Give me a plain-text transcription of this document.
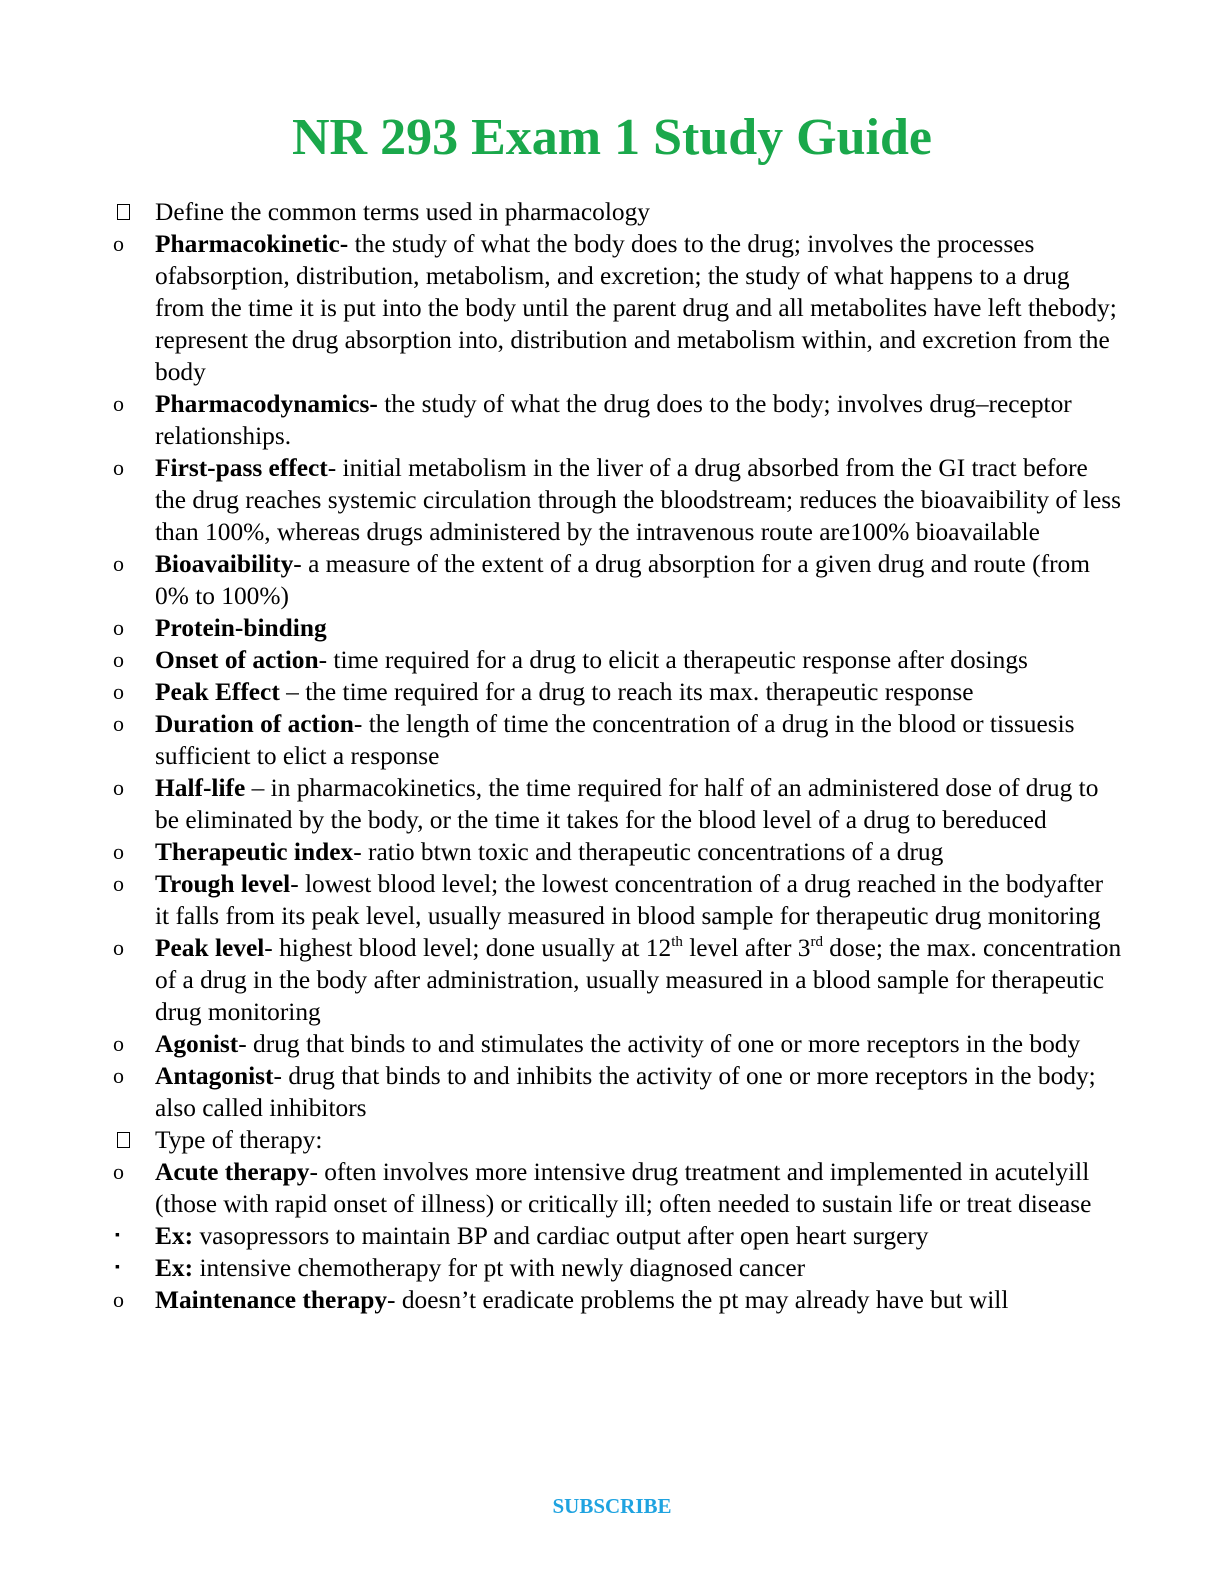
NR 293 Exam 1 Study Guide
Define the common terms used in pharmacology
o	Pharmacokinetic- the study of what the body does to the drug; involves the processes ofabsorption, distribution, metabolism, and excretion; the study of what happens to a drug from the time it is put into the body until the parent drug and all metabolites have left thebody; represent the drug absorption into, distribution and metabolism within, and excretion from the body
o	Pharmacodynamics- the study of what the drug does to the body; involves drug–receptor relationships.
o	First-pass effect- initial metabolism in the liver of a drug absorbed from the GI tract before the drug reaches systemic circulation through the bloodstream; reduces the bioavaibility of less than 100%, whereas drugs administered by the intravenous route are100% bioavailable
o	Bioavaibility- a measure of the extent of a drug absorption for a given drug and route (from 0% to 100%)
o	Protein-binding
o	Onset of action- time required for a drug to elicit a therapeutic response after dosings
o	Peak Effect – the time required for a drug to reach its max. therapeutic response
o	Duration of action- the length of time the concentration of a drug in the blood or tissuesis sufficient to elict a response
o	Half-life – in pharmacokinetics, the time required for half of an administered dose of drug to be eliminated by the body, or the time it takes for the blood level of a drug to bereduced
o	Therapeutic index- ratio btwn toxic and therapeutic concentrations of a drug
o	Trough level- lowest blood level; the lowest concentration of a drug reached in the bodyafter it falls from its peak level, usually measured in blood sample for therapeutic drug monitoring
o	Peak level- highest blood level; done usually at 12th level after 3rd dose; the max. concentration of a drug in the body after administration, usually measured in a blood sample for therapeutic drug monitoring
o	Agonist- drug that binds to and stimulates the activity of one or more receptors in the body
o	Antagonist- drug that binds to and inhibits the activity of one or more receptors in the body; also called inhibitors
Type of therapy:
o	Acute therapy- often involves more intensive drug treatment and implemented in acutelyill (those with rapid onset of illness) or critically ill; often needed to sustain life or treat disease
▪	Ex: vasopressors to maintain BP and cardiac output after open heart surgery
▪	Ex: intensive chemotherapy for pt with newly diagnosed cancer
o	Maintenance therapy- doesn’t eradicate problems the pt may already have but will
SUBSCRIBE
